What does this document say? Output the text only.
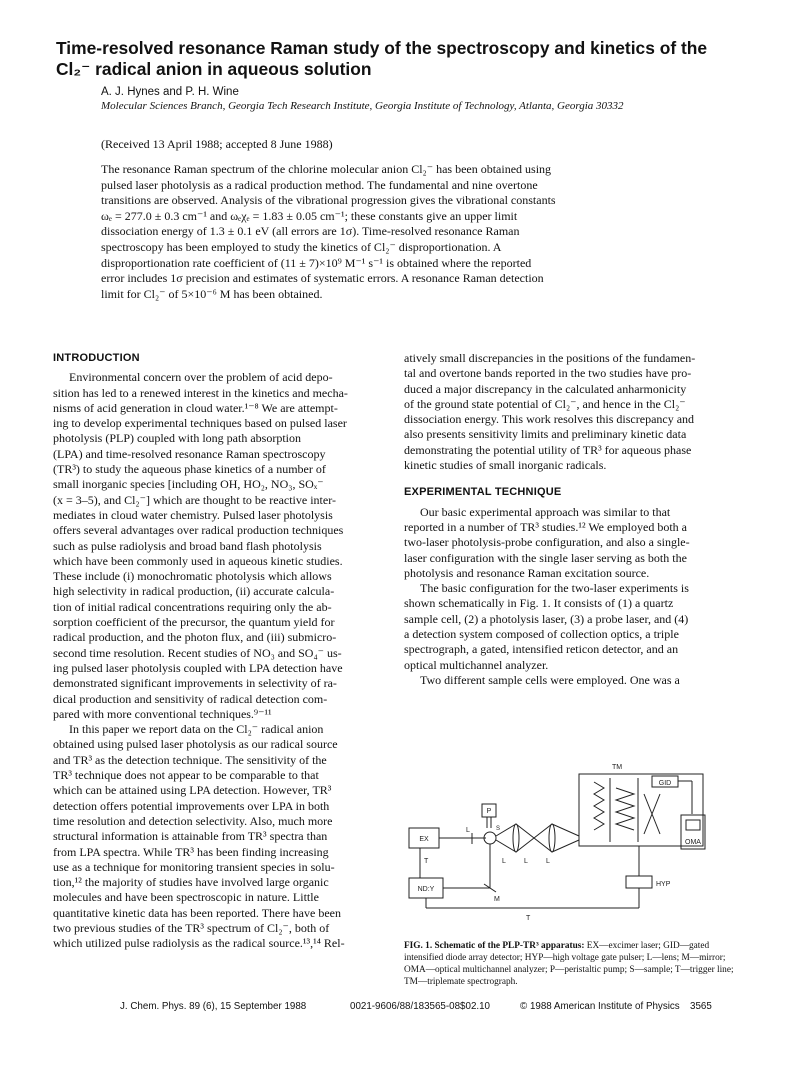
Time-resolved resonance Raman study of the spectroscopy and kinetics of the Cl₂⁻ radical anion in aqueous solution
A. J. Hynes and P. H. Wine
Molecular Sciences Branch, Georgia Tech Research Institute, Georgia Institute of Technology, Atlanta, Georgia 30332
(Received 13 April 1988; accepted 8 June 1988)

The resonance Raman spectrum of the chlorine molecular anion Cl₂⁻ has been obtained using
pulsed laser photolysis as a radical production method. The fundamental and nine overtone
transitions are observed. Analysis of the vibrational progression gives the vibrational constants
ωₑ = 277.0 ± 0.3 cm⁻¹ and ωₑχₑ = 1.83 ± 0.05 cm⁻¹; these constants give an upper limit
dissociation energy of 1.3 ± 0.1 eV (all errors are 1σ). Time-resolved resonance Raman
spectroscopy has been employed to study the kinetics of Cl₂⁻ disproportionation. A
disproportionation rate coefficient of (11 ± 7)×10⁹ M⁻¹ s⁻¹ is obtained where the reported
error includes 1σ precision and estimates of systematic errors. A resonance Raman detection
limit for Cl₂⁻ of 5×10⁻⁶ M has been obtained.

INTRODUCTION

Environmental concern over the problem of acid depo-
sition has led to a renewed interest in the kinetics and mecha-
nisms of acid generation in cloud water.¹⁻⁸ We are attempt-
ing to develop experimental techniques based on pulsed laser
photolysis (PLP) coupled with long path absorption
(LPA) and time-resolved resonance Raman spectroscopy
(TR³) to study the aqueous phase kinetics of a number of
small inorganic species [including OH, HO₂, NO₃, SOₓ⁻
(x = 3–5), and Cl₂⁻] which are thought to be reactive inter-
mediates in cloud water chemistry. Pulsed laser photolysis
offers several advantages over radical production techniques
such as pulse radiolysis and broad band flash photolysis
which have been commonly used in aqueous kinetic studies.
These include (i) monochromatic photolysis which allows
high selectivity in radical production, (ii) accurate calcula-
tion of initial radical concentrations requiring only the ab-
sorption coefficient of the precursor, the quantum yield for
radical production, and the photon flux, and (iii) submicro-
second time resolution. Recent studies of NO₃ and SO₄⁻ us-
ing pulsed laser photolysis coupled with LPA detection have
demonstrated significant improvements in selectivity of ra-
dical production and sensitivity of radical detection com-
pared with more conventional techniques.⁹⁻¹¹

In this paper we report data on the Cl₂⁻ radical anion
obtained using pulsed laser photolysis as our radical source
and TR³ as the detection technique. The sensitivity of the
TR³ technique does not appear to be comparable to that
which can be attained using LPA detection. However, TR³
detection offers potential improvements over LPA in both
time resolution and detection selectivity. Also, much more
structural information is attainable from TR³ spectra than
from LPA spectra. While TR³ has been finding increasing
use as a technique for monitoring transient species in solu-
tion,¹² the majority of studies have involved large organic
molecules and have been spectroscopic in nature. Little
quantitative kinetic data has been reported. There have been
two previous studies of the TR³ spectrum of Cl₂⁻, both of
which utilized pulse radiolysis as the radical source.¹³,¹⁴ Rel-

atively small discrepancies in the positions of the fundamen-
tal and overtone bands reported in the two studies have pro-
duced a major discrepancy in the calculated anharmonicity
of the ground state potential of Cl₂⁻, and hence in the Cl₂⁻
dissociation energy. This work resolves this discrepancy and
also presents sensitivity limits and preliminary kinetic data
demonstrating the potential utility of TR³ for aqueous phase
kinetic studies of small inorganic radicals.

EXPERIMENTAL TECHNIQUE

Our basic experimental approach was similar to that
reported in a number of TR³ studies.¹² We employed both a
two-laser photolysis-probe configuration, and also a single-
laser configuration with the single laser serving as both the
photolysis and resonance Raman excitation source.

The basic configuration for the two-laser experiments is
shown schematically in Fig. 1. It consists of (1) a quartz
sample cell, (2) a photolysis laser, (3) a probe laser, and (4)
a detection system composed of collection optics, a triple
spectrograph, a gated, intensified reticon detector, and an
optical multichannel analyzer.

Two different sample cells were employed. One was a

GID
TM
OMA
P
EX
L	S
L	L	L
T
ND:Y
M
HYP
T
FIG. 1. Schematic of the PLP-TR³ apparatus: EX—excimer laser; GID—gated intensified diode array detector; HYP—high voltage gate pulser; L—lens; M—mirror; OMA—optical multichannel analyzer; P—peristaltic pump; S—sample; T—trigger line; TM—triplemate spectrograph.
J. Chem. Phys. 89 (6), 15 September 1988	0021-9606/88/183565-08$02.10	© 1988 American Institute of Physics 3565
